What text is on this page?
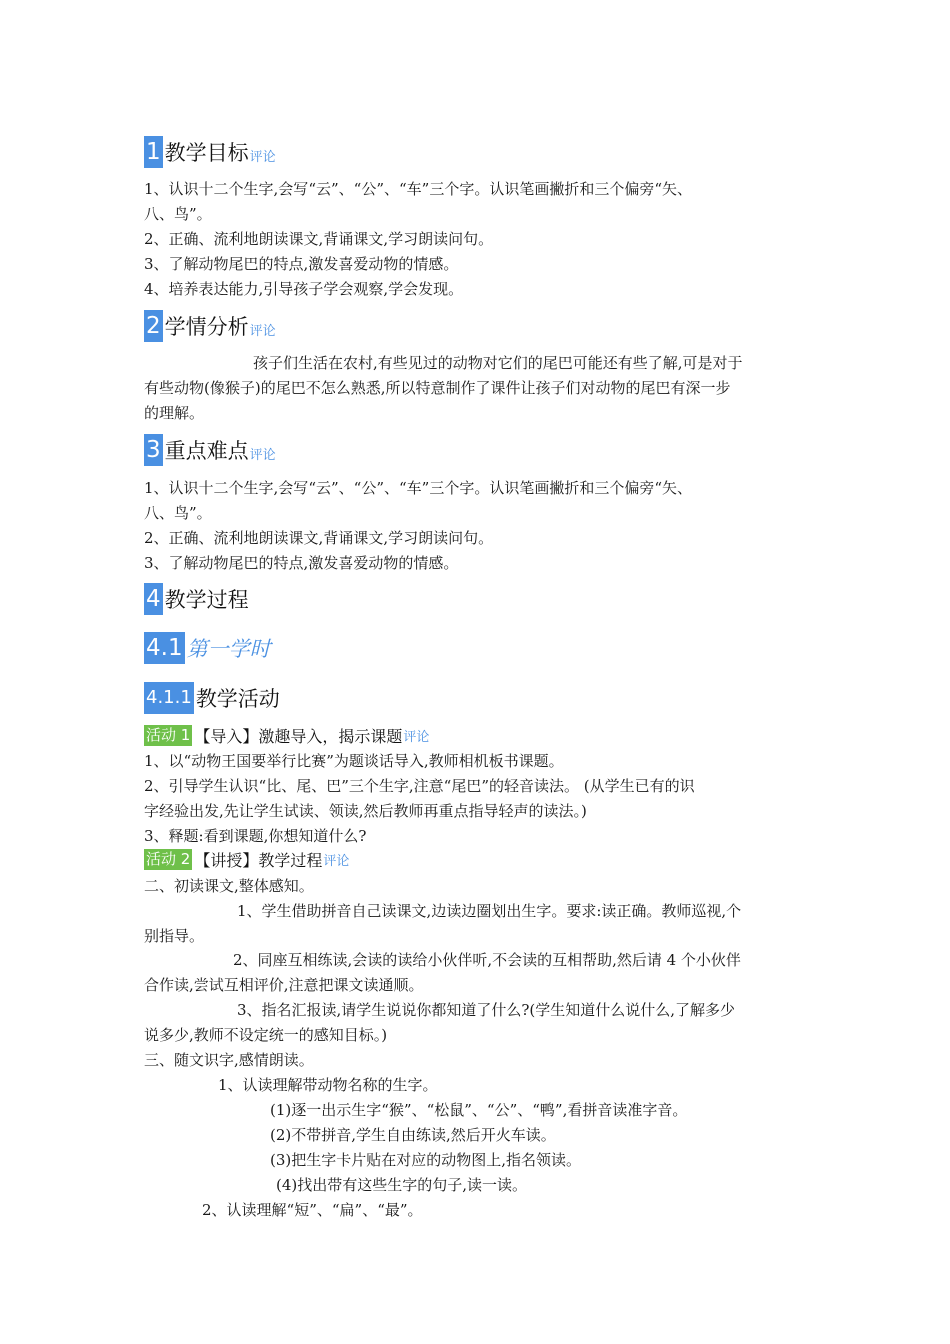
1 教学目标 评论
1、认识十二个生字,会写“云”、“公”、“车”三个字。认识笔画撇折和三个偏旁“矢、
八、鸟”。
2、正确、流利地朗读课文,背诵课文,学习朗读问句。
3、了解动物尾巴的特点,激发喜爱动物的情感。
4、培养表达能力,引导孩子学会观察,学会发现。
2 学情分析 评论
孩子们生活在农村,有些见过的动物对它们的尾巴可能还有些了解,可是对于
有些动物(像猴子)的尾巴不怎么熟悉,所以特意制作了课件让孩子们对动物的尾巴有深一步
的理解。
3 重点难点 评论
1、认识十二个生字,会写“云”、“公”、“车”三个字。认识笔画撇折和三个偏旁“矢、
八、鸟”。
2、正确、流利地朗读课文,背诵课文,学习朗读问句。
3、了解动物尾巴的特点,激发喜爱动物的情感。
4 教学过程
4.1 第一学时
4.1.1 教学活动
活动 1 【导入】激趣导入，揭示课题 评论
1、以“动物王国要举行比赛”为题谈话导入,教师相机板书课题。
2、引导学生认识“比、尾、巴”三个生字,注意“尾巴”的轻音读法。 (从学生已有的识
字经验出发,先让学生试读、领读,然后教师再重点指导轻声的读法。)
3、释题:看到课题,你想知道什么?
活动 2 【讲授】教学过程 评论
二、初读课文,整体感知。
1、学生借助拼音自己读课文,边读边圈划出生字。要求:读正确。教师巡视,个
别指导。
2、同座互相练读,会读的读给小伙伴听,不会读的互相帮助,然后请 4 个小伙伴
合作读,尝试互相评价,注意把课文读通顺。
3、指名汇报读,请学生说说你都知道了什么?(学生知道什么说什么,了解多少
说多少,教师不设定统一的感知目标。)
三、随文识字,感情朗读。
1、认读理解带动物名称的生字。
(1)逐一出示生字“猴”、“松鼠”、“公”、“鸭”,看拼音读准字音。
(2)不带拼音,学生自由练读,然后开火车读。
(3)把生字卡片贴在对应的动物图上,指名领读。
(4)找出带有这些生字的句子,读一读。
2、认读理解“短”、“扁”、“最”。
